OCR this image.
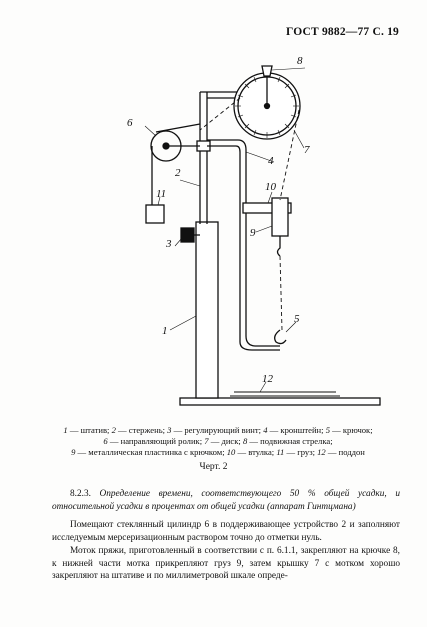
ГОСТ 9882—77 С. 19
6
8
7
4
10
2
11
9
3
1
5
12
1 — штатив; 2 — стержень; 3 — регулирующий винт; 4 — кронштейн; 5 — крючок;
6 — направляющий ролик; 7 — диск; 8 — подвижная стрелка;
9 — металлическая пластинка с крючком; 10 — втулка; 11 — груз; 12 — поддон
Черт. 2
8.2.3. Определение времени, соответствующего 50 % общей усадки, и относительной усадки в процентах от общей усадки (аппарат Гинтцмана)
Помещают стеклянный цилиндр 6 в поддерживающее устройство 2 и заполняют исследуемым мерсеризационным раствором точно до отметки нуль.
Моток пряжи, приготовленный в соответствии с п. 6.1.1, закрепляют на крючке 8, к нижней части мотка прикрепляют груз 9, затем крышку 7 с мотком хорошо закрепляют на штативе и по миллиметровой шкале опреде-
